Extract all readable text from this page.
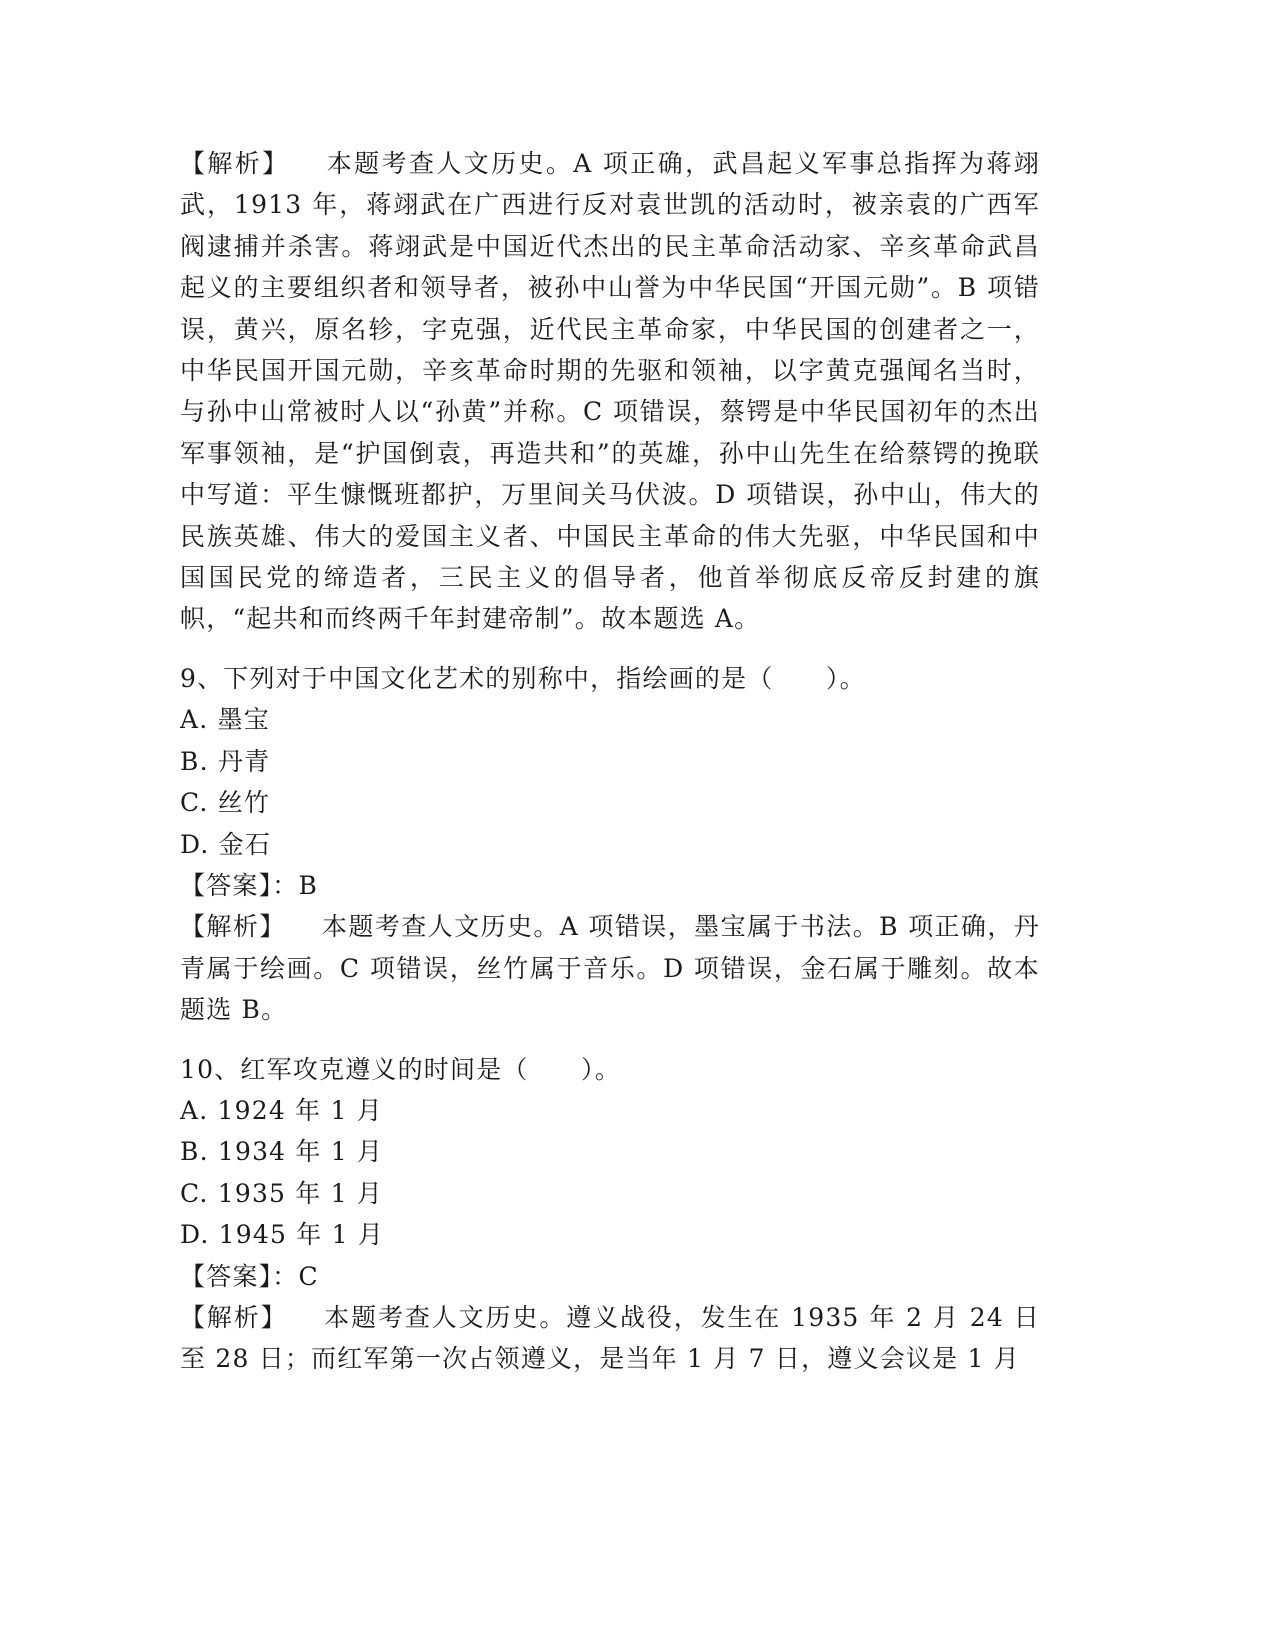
【解析】 本题考查人文历史。A 项正确，武昌起义军事总指挥为蒋翊武，1913 年，蒋翊武在广西进行反对袁世凯的活动时，被亲袁的广西军阀逮捕并杀害。蒋翊武是中国近代杰出的民主革命活动家、辛亥革命武昌起义的主要组织者和领导者，被孙中山誉为中华民国“开国元勋”。B 项错误，黄兴，原名轸，字克强，近代民主革命家，中华民国的创建者之一，中华民国开国元勋，辛亥革命时期的先驱和领袖，以字黄克强闻名当时，与孙中山常被时人以“孙黄”并称。C 项错误，蔡锷是中华民国初年的杰出军事领袖，是“护国倒袁，再造共和”的英雄，孙中山先生在给蔡锷的挽联中写道：平生慷慨班都护，万里间关马伏波。D 项错误，孙中山，伟大的民族英雄、伟大的爱国主义者、中国民主革命的伟大先驱，中华民国和中国国民党的缔造者，三民主义的倡导者，他首举彻底反帝反封建的旗帜，“起共和而终两千年封建帝制”。故本题选 A。

9、下列对于中国文化艺术的别称中，指绘画的是（　　）。

A. 墨宝

B. 丹青

C. 丝竹

D. 金石

【答案】：B

【解析】 本题考查人文历史。A 项错误，墨宝属于书法。B 项正确，丹青属于绘画。C 项错误，丝竹属于音乐。D 项错误，金石属于雕刻。故本题选 B。

10、红军攻克遵义的时间是（　　）。

A. 1924 年 1 月

B. 1934 年 1 月

C. 1935 年 1 月

D. 1945 年 1 月

【答案】：C

【解析】 本题考查人文历史。遵义战役，发生在 1935 年 2 月 24 日至 28 日；而红军第一次占领遵义，是当年 1 月 7 日，遵义会议是 1 月
